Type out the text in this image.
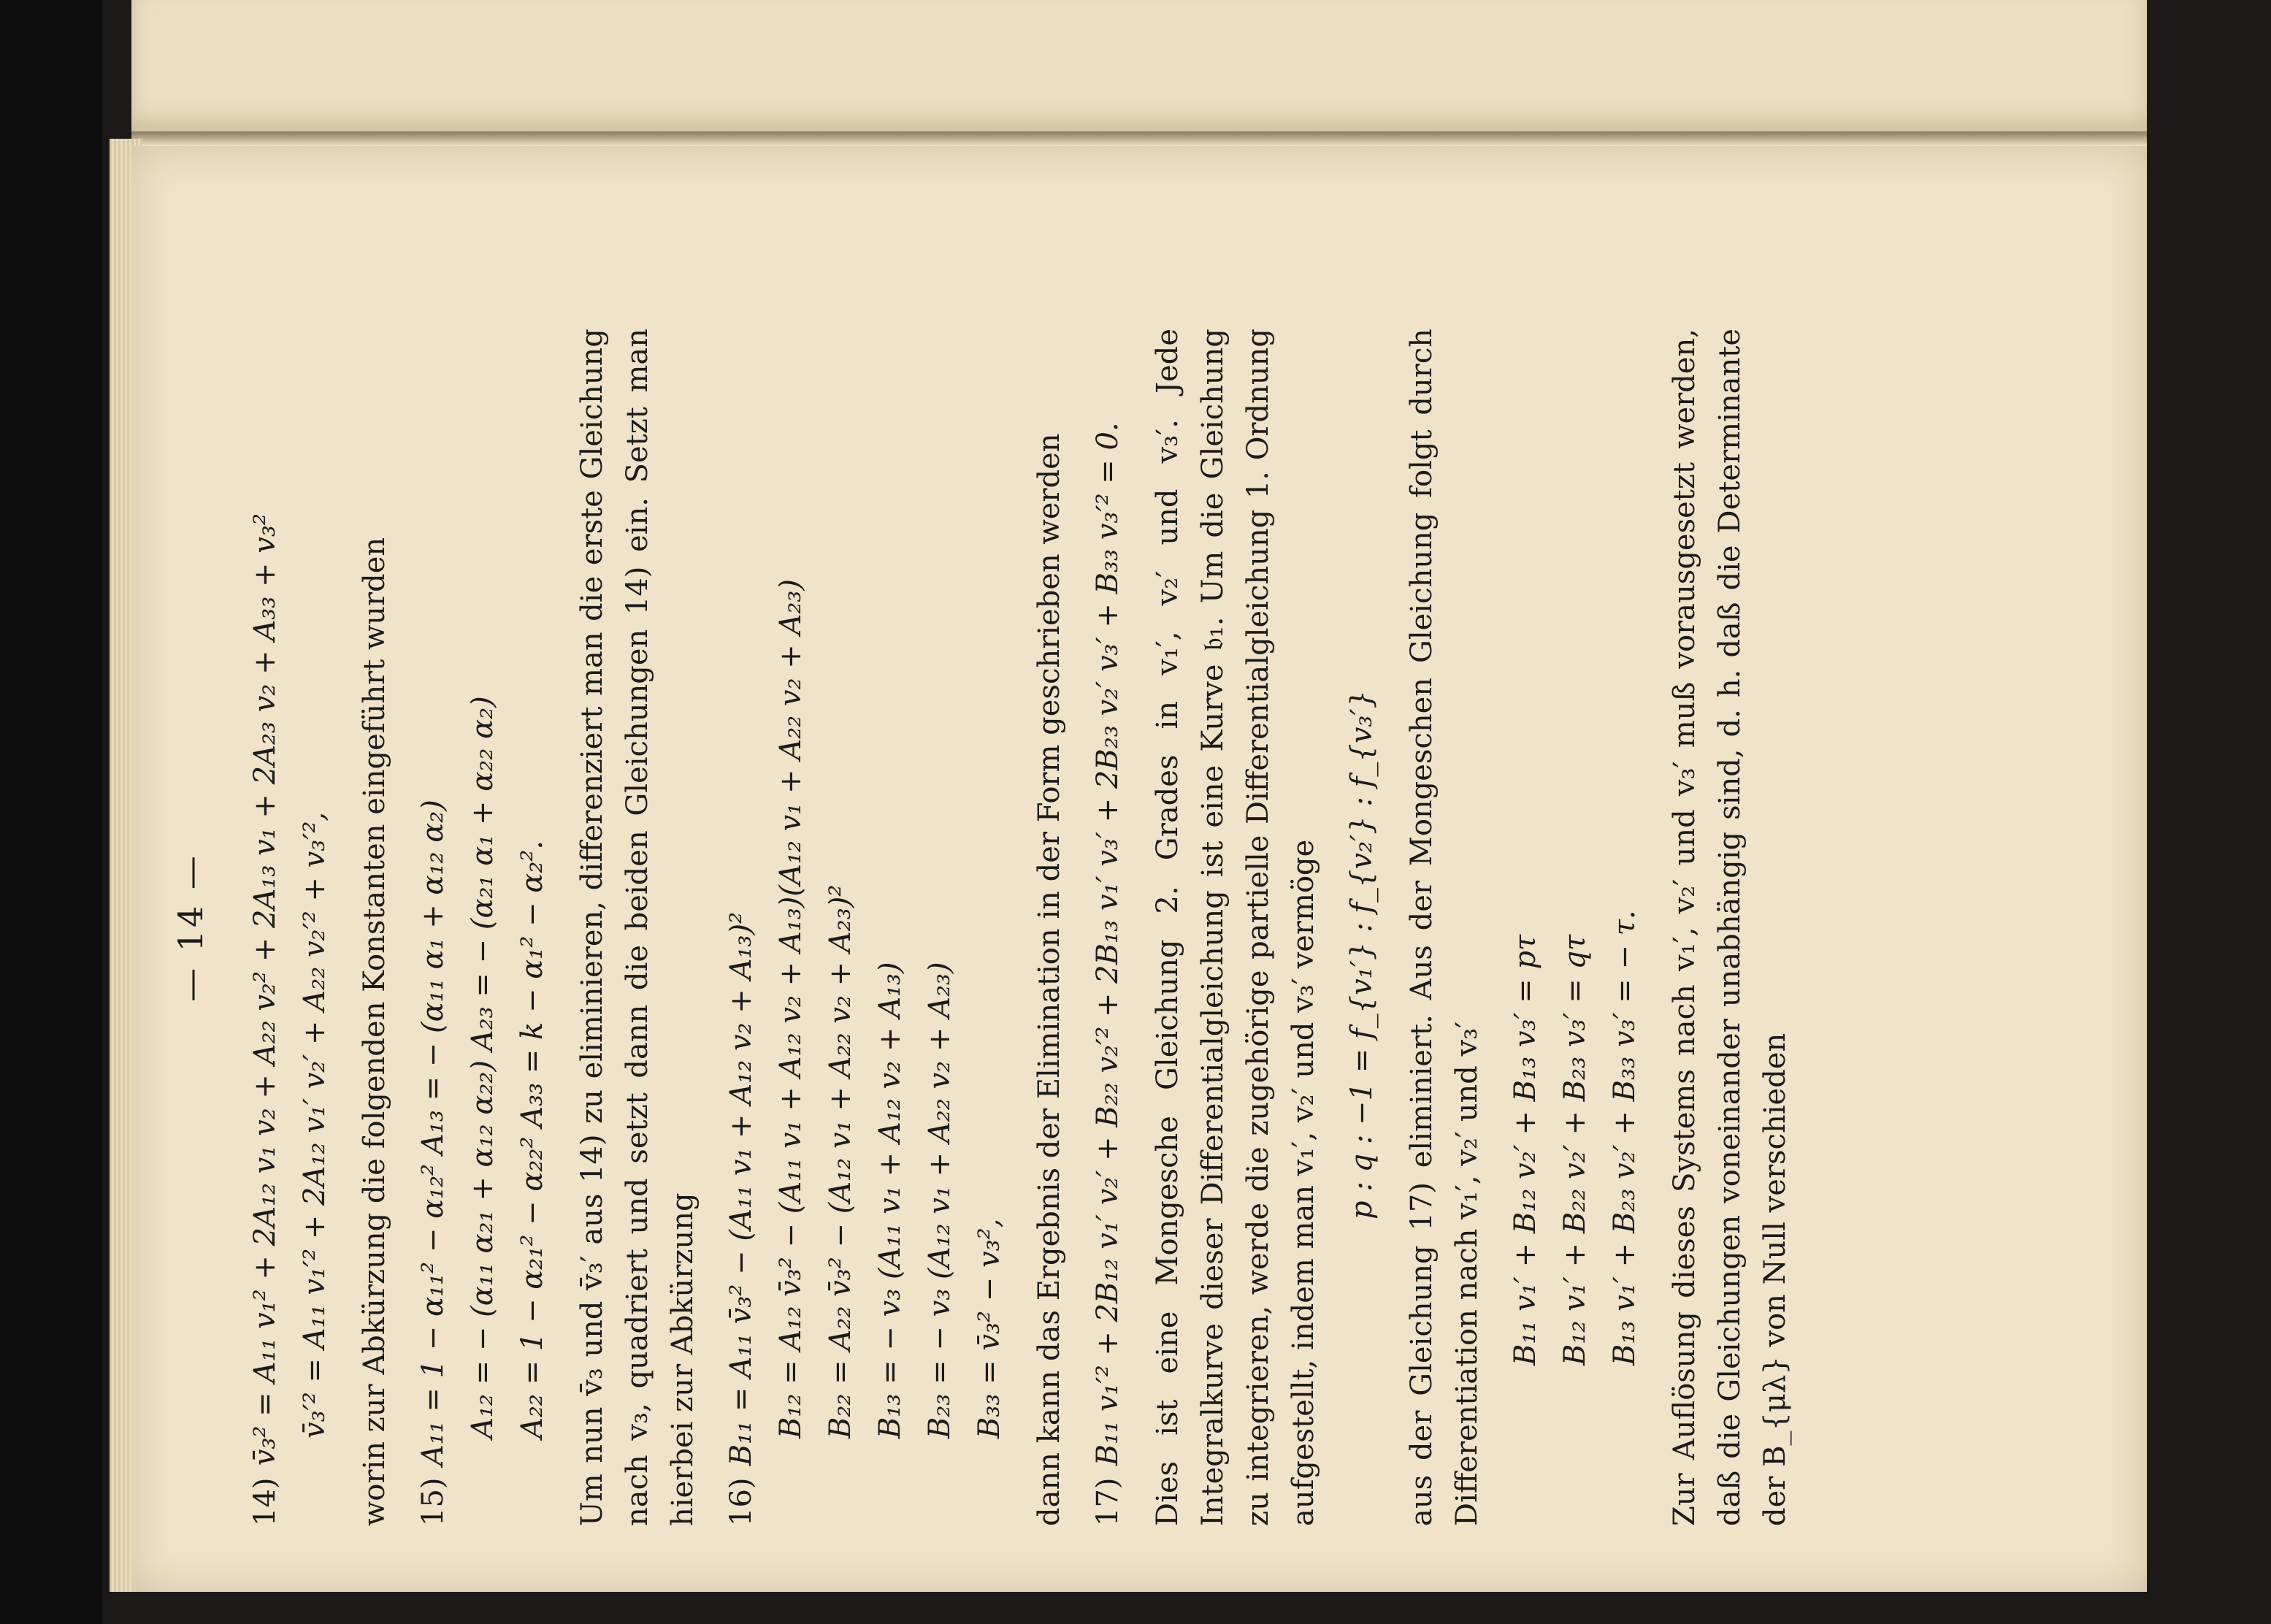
ist. Di
einführt
18)
Setzt m
v₁′, v₂′ u
Mongesc
partiell
oder, w
minante
19)
Setzt m
20)
voraus
v₂q − v
Diskrim
21) =
Diese p
Man er
die pa
und C₂
22) =
Die vo
— 14 —
14) v̄₃² = A₁₁ v₁² + 2A₁₂ v₁ v₂ + A₂₂ v₂² + 2A₁₃ v₁ + 2A₂₃ v₂ + A₃₃ + v₃² v̄₃′² = A₁₁ v₁′² + 2A₁₂ v₁′ v₂′ + A₂₂ v₂′² + v₃′², worin zur Abkürzung die folgenden Konstanten eingeführt wurden 15) A₁₁ = 1 − α₁₁² − α₁₂² A₁₃ = − (α₁₁ α₁ + α₁₂ α₂) A₁₂ = − (α₁₁ α₂₁ + α₁₂ α₂₂) A₂₃ = − (α₂₁ α₁ + α₂₂ α₂) A₂₂ = 1 − α₂₁² − α₂₂² A₃₃ = k − α₁² − α₂². Um nun v̄₃ und v̄₃′ aus 14) zu eliminieren, differenziert man die erste Gleichung nach v₃, quadriert und setzt dann die beiden Gleichungen 14) ein. Setzt man hierbei zur Abkürzung 16) B₁₁ = A₁₁ v̄₃² − (A₁₁ v₁ + A₁₂ v₂ + A₁₃)² B₁₂ = A₁₂ v̄₃² − (A₁₁ v₁ + A₁₂ v₂ + A₁₃)(A₁₂ v₁ + A₂₂ v₂ + A₂₃) B₂₂ = A₂₂ v̄₃² − (A₁₂ v₁ + A₂₂ v₂ + A₂₃)² B₁₃ = − v₃ (A₁₁ v₁ + A₁₂ v₂ + A₁₃) B₂₃ = − v₃ (A₁₂ v₁ + A₂₂ v₂ + A₂₃) B₃₃ = v̄₃² − v₃², dann kann das Ergebnis der Elimination in der Form geschrieben werden 17) B₁₁ v₁′² + 2B₁₂ v₁′ v₂′ + B₂₂ v₂′² + 2B₁₃ v₁′ v₃′ + 2B₂₃ v₂′ v₃′ + B₃₃ v₃′² = 0. Dies ist eine Mongesche Gleichung 2. Grades in v₁′, v₂′ und v₃′. Jede Integralkurve dieser Differentialgleichung ist eine Kurve 𝔟₁. Um die Gleichung zu integrieren, werde die zugehörige partielle Differentialgleichung 1. Ordnung aufgestellt, indem man v₁′, v₂′ und v₃′ vermöge p : q : −1 = f_{v₁′} : f_{v₂′} : f_{v₃′} aus der Gleichung 17) eliminiert. Aus der Mongeschen Gleichung folgt durch Differentiation nach v₁′, v₂′ und v₃′ B₁₁ v₁′ + B₁₂ v₂′ + B₁₃ v₃′ = pτ B₁₂ v₁′ + B₂₂ v₂′ + B₂₃ v₃′ = qτ B₁₃ v₁′ + B₂₃ v₂′ + B₃₃ v₃′ = − τ. Zur Auflösung dieses Systems nach v₁′, v₂′ und v₃′ muß vorausgesetzt werden, daß die Gleichungen voneinander unabhängig sind, d. h. daß die Determinante der B_{μλ} von Null verschieden
